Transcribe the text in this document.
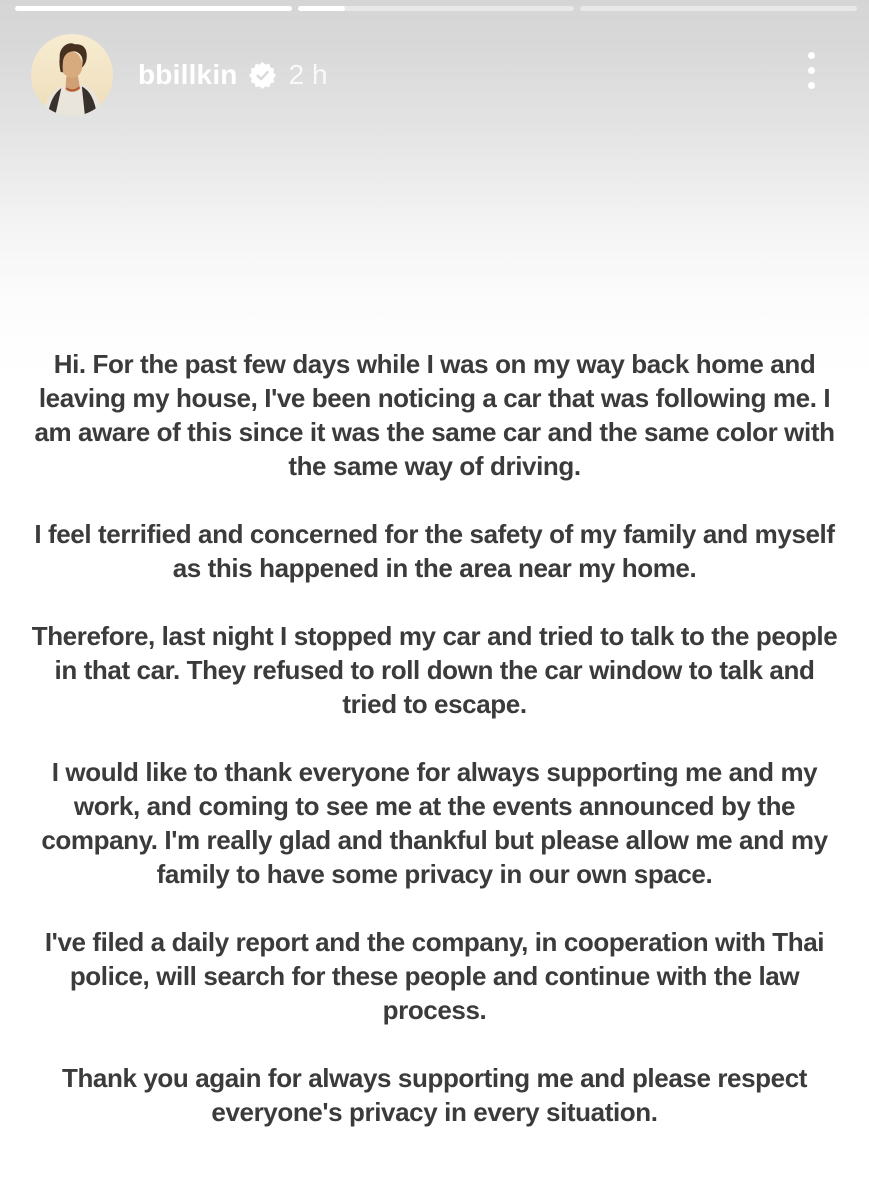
bbillkin 2 h

Hi. For the past few days while I was on my way back home and leaving my house, I've been noticing a car that was following me. I am aware of this since it was the same car and the same color with the same way of driving.

I feel terrified and concerned for the safety of my family and myself as this happened in the area near my home.

Therefore, last night I stopped my car and tried to talk to the people in that car. They refused to roll down the car window to talk and tried to escape.

I would like to thank everyone for always supporting me and my work, and coming to see me at the events announced by the company. I'm really glad and thankful but please allow me and my family to have some privacy in our own space.

I've filed a daily report and the company, in cooperation with Thai police, will search for these people and continue with the law process.

Thank you again for always supporting me and please respect everyone's privacy in every situation.
